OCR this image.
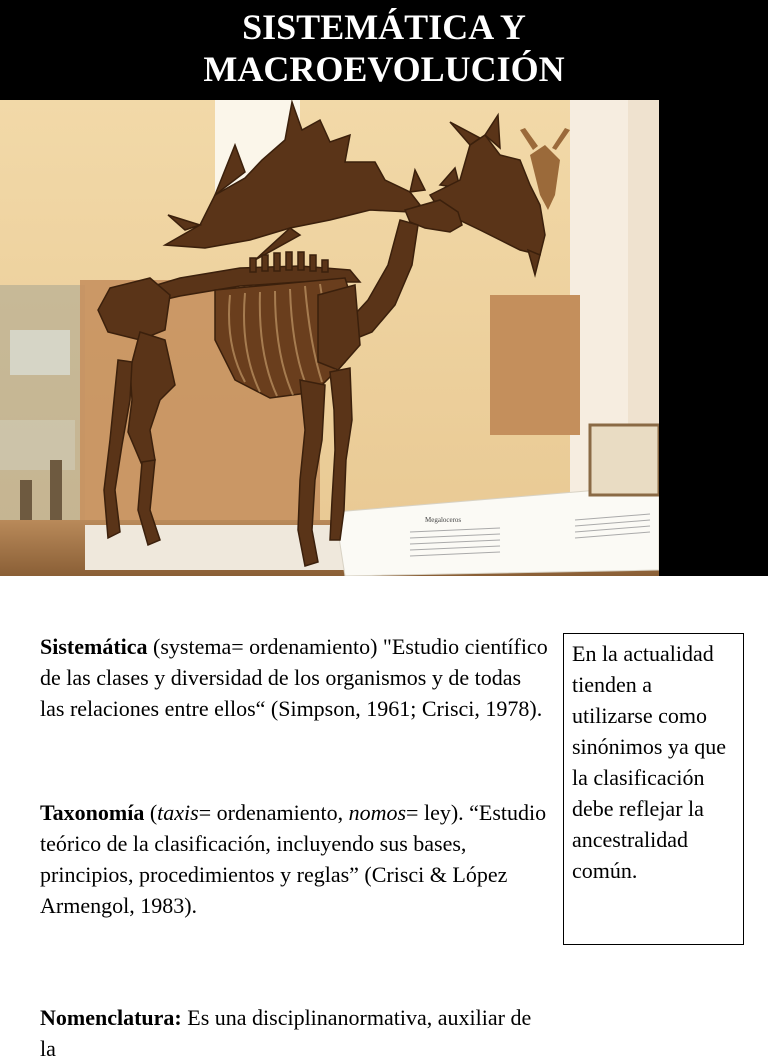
SISTEMÁTICA Y
MACROEVOLUCIÓN
Megaloceros

Sistemática (systema= ordenamiento) "Estudio científico de las clases y diversidad de los organismos y de todas las relaciones entre ellos“ (Simpson, 1961; Crisci, 1978).

Taxonomía (taxis= ordenamiento, nomos= ley). “Estudio teórico de la clasificación, incluyendo sus bases, principios, procedimientos y reglas” (Crisci & López Armengol, 1983).

Nomenclatura: Es una disciplinanormativa, auxiliar de la

En la actualidad tienden a utilizarse como sinónimos ya que la clasificación debe reflejar la ancestralidad común.
